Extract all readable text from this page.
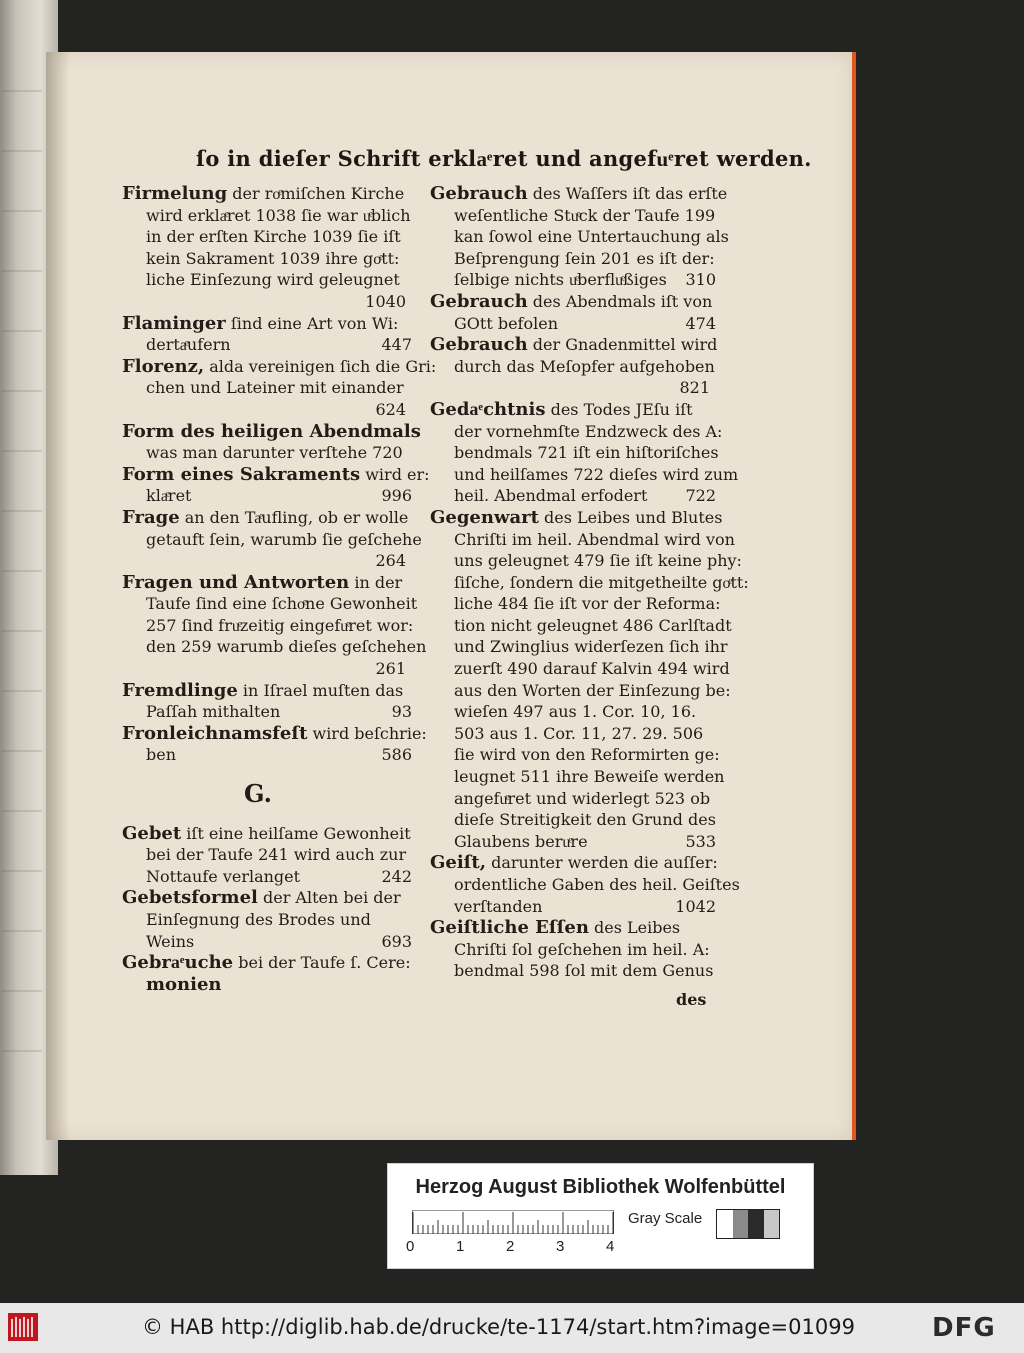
ſo in dieſer Schrift erklaͤret und angefuͤret werden.
Firmelung der roͤmiſchen Kirche
wird erklaͤret 1038 ſie war uͤblich
in der erſten Kirche 1039 ſie iſt
kein Sakrament 1039 ihre goͤtt:
liche Einſezung wird geleugnet
1040
Flaminger ſind eine Art von Wi:
dertaͤufern	447
Florenz, alda vereinigen ſich die Gri:
chen und Lateiner mit einander
624
Form des heiligen Abendmals
was man darunter verſtehe 720
Form eines Sakraments wird er:
klaͤret	996
Frage an den Taͤufling, ob er wolle
getauft ſein, warumb ſie geſchehe
264
Fragen und Antworten in der
Taufe ſind eine ſchoͤne Gewonheit
257 ſind fruͤzeitig eingefuͤret wor:
den 259 warumb dieſes geſchehen
261
Fremdlinge in Iſrael muſten das
Paſſah mithalten	93
Fronleichnamsfeſt wird beſchrie:
ben	586
G.
Gebet iſt eine heilſame Gewonheit
bei der Taufe 241 wird auch zur
Nottaufe verlanget	242
Gebetsformel der Alten bei der
Einſegnung des Brodes und
Weins	693
Gebraͤuche bei der Taufe ſ. Cere:
monien
Gebrauch des Waſſers iſt das erſte
weſentliche Stuͤck der Taufe 199
kan ſowol eine Untertauchung als
Beſprengung ſein 201 es iſt der:
ſelbige nichts uͤberfluͤßiges 310
Gebrauch des Abendmals iſt von
GOtt befolen	474
Gebrauch der Gnadenmittel wird
durch das Meſopfer aufgehoben
821
Gedaͤchtnis des Todes JEſu iſt
der vornehmſte Endzweck des A:
bendmals 721 iſt ein hiſtoriſches
und heilſames 722 dieſes wird zum
heil. Abendmal erfodert 722
Gegenwart des Leibes und Blutes
Chriſti im heil. Abendmal wird von
uns geleugnet 479 ſie iſt keine phy:
ſiſche, ſondern die mitgetheilte goͤtt:
liche 484 ſie iſt vor der Reforma:
tion nicht geleugnet 486 Carlſtadt
und Zwinglius widerſezen ſich ihr
zuerſt 490 darauf Kalvin 494 wird
aus den Worten der Einſezung be:
wieſen 497 aus 1. Cor. 10, 16.
503 aus 1. Cor. 11, 27. 29. 506
ſie wird von den Reformirten ge:
leugnet 511 ihre Beweiſe werden
angefuͤret und widerlegt 523 ob
dieſe Streitigkeit den Grund des
Glaubens beruͤre	533
Geiſt, darunter werden die auſſer:
ordentliche Gaben des heil. Geiſtes
verſtanden	1042
Geiſtliche Eſſen des Leibes
Chriſti ſol geſchehen im heil. A:
bendmal 598 ſol mit dem Genus
des
Herzog August Bibliothek Wolfenbüttel
0	1	2	3	4
Gray Scale
© HAB http://diglib.hab.de/drucke/te-1174/start.htm?image=01099	DFG
